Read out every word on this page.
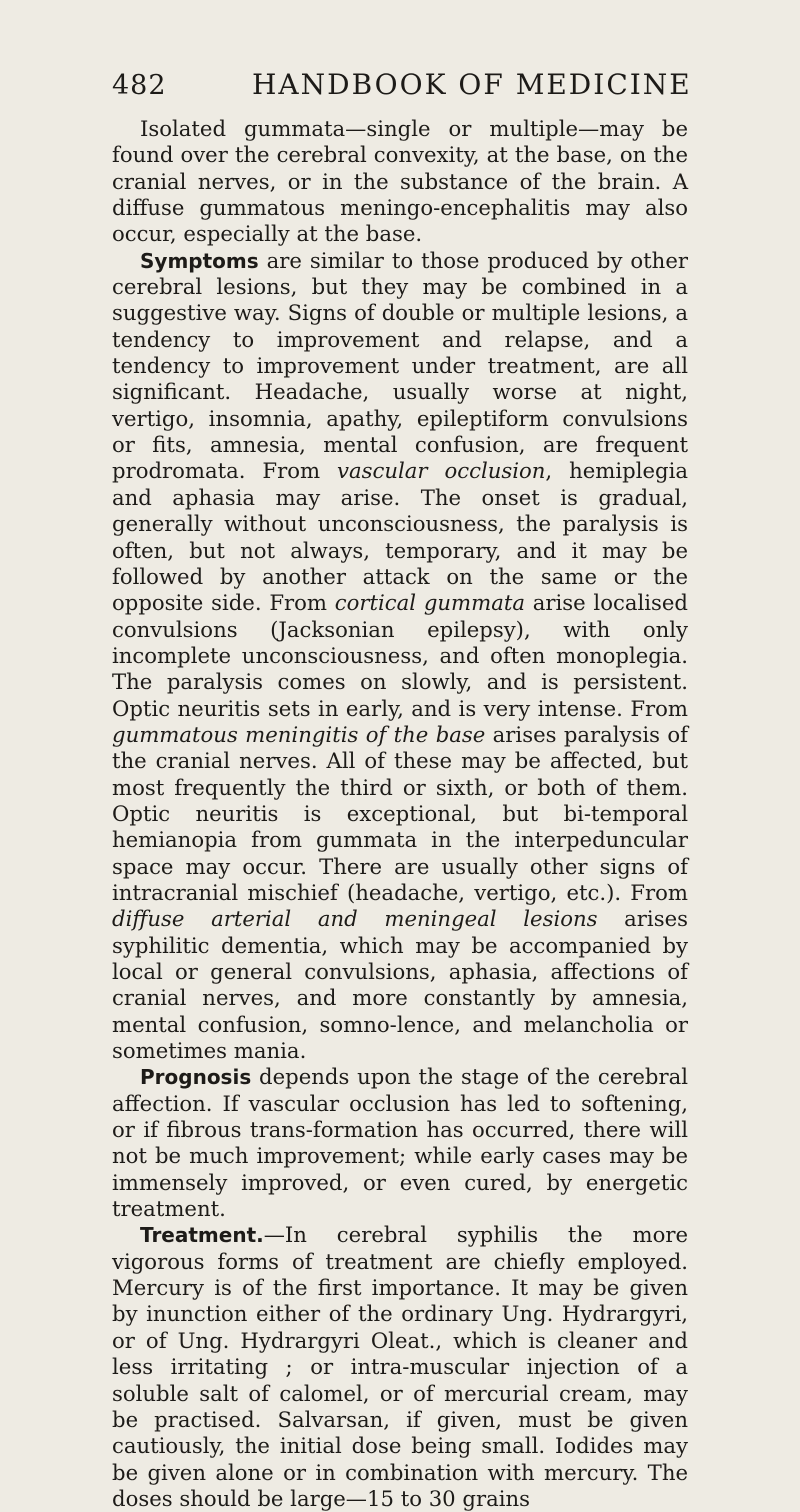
482	HANDBOOK OF MEDICINE

Isolated gummata—single or multiple—may be found over the cerebral convexity, at the base, on the cranial nerves, or in the substance of the brain. A diffuse gummatous meningo-encephalitis may also occur, especially at the base.

Symptoms are similar to those produced by other cerebral lesions, but they may be combined in a suggestive way. Signs of double or multiple lesions, a tendency to improvement and relapse, and a tendency to improvement under treatment, are all significant. Headache, usually worse at night, vertigo, insomnia, apathy, epileptiform convulsions or fits, amnesia, mental confusion, are frequent prodromata. From vascular occlusion, hemiplegia and aphasia may arise. The onset is gradual, generally without unconsciousness, the paralysis is often, but not always, temporary, and it may be followed by another attack on the same or the opposite side. From cortical gummata arise localised convulsions (Jacksonian epilepsy), with only incomplete unconsciousness, and often monoplegia. The paralysis comes on slowly, and is persistent. Optic neuritis sets in early, and is very intense. From gummatous meningitis of the base arises paralysis of the cranial nerves. All of these may be affected, but most frequently the third or sixth, or both of them. Optic neuritis is exceptional, but bi-temporal hemianopia from gummata in the interpeduncular space may occur. There are usually other signs of intracranial mischief (headache, vertigo, etc.). From diffuse arterial and meningeal lesions arises syphilitic dementia, which may be accompanied by local or general convulsions, aphasia, affections of cranial nerves, and more constantly by amnesia, mental confusion, somno-lence, and melancholia or sometimes mania.

Prognosis depends upon the stage of the cerebral affection. If vascular occlusion has led to softening, or if fibrous trans-formation has occurred, there will not be much improvement; while early cases may be immensely improved, or even cured, by energetic treatment.

Treatment.—In cerebral syphilis the more vigorous forms of treatment are chiefly employed. Mercury is of the first importance. It may be given by inunction either of the ordinary Ung. Hydrargyri, or of Ung. Hydrargyri Oleat., which is cleaner and less irritating ; or intra-muscular injection of a soluble salt of calomel, or of mercurial cream, may be practised. Salvarsan, if given, must be given cautiously, the initial dose being small. Iodides may be given alone or in combination with mercury. The doses should be large—15 to 30 grains
